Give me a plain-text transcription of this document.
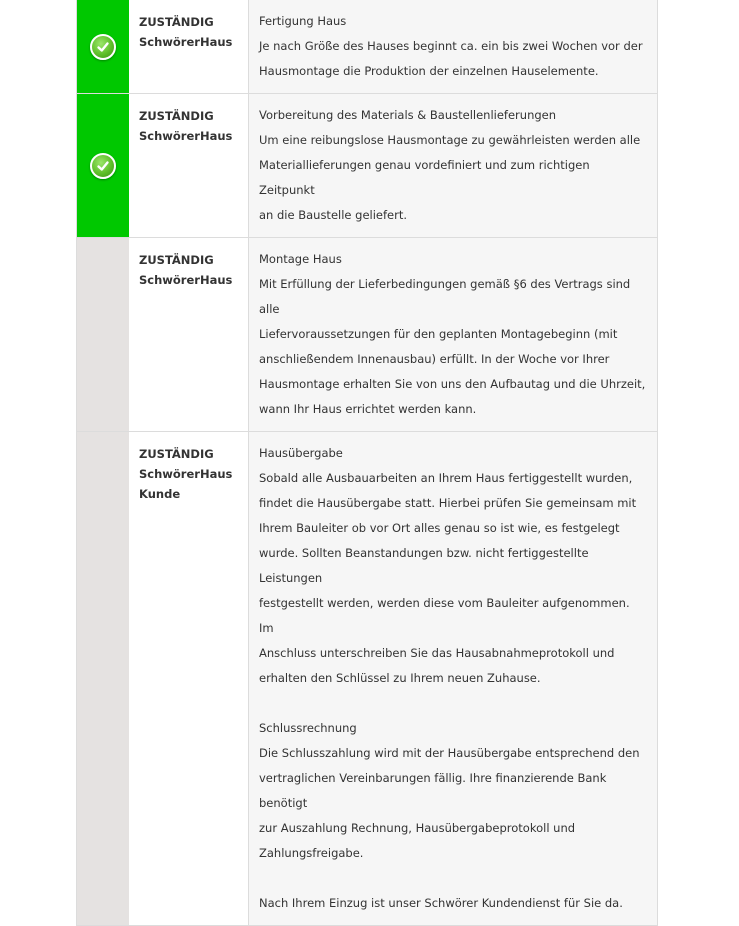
ZUSTÄNDIG
SchwörerHaus

Fertigung Haus

Je nach Größe des Hauses beginnt ca. ein bis zwei Wochen vor der

Hausmontage die Produktion der einzelnen Hauselemente.

ZUSTÄNDIG
SchwörerHaus

Vorbereitung des Materials & Baustellenlieferungen

Um eine reibungslose Hausmontage zu gewährleisten werden alle

Materiallieferungen genau vordefiniert und zum richtigen Zeitpunkt

an die Baustelle geliefert.

ZUSTÄNDIG
SchwörerHaus

Montage Haus

Mit Erfüllung der Lieferbedingungen gemäß §6 des Vertrags sind alle

Liefervoraussetzungen für den geplanten Montagebeginn (mit

anschließendem Innenausbau) erfüllt. In der Woche vor Ihrer

Hausmontage erhalten Sie von uns den Aufbautag und die Uhrzeit,

wann Ihr Haus errichtet werden kann.

ZUSTÄNDIG
SchwörerHaus
Kunde

Hausübergabe

Sobald alle Ausbauarbeiten an Ihrem Haus fertiggestellt wurden,

findet die Hausübergabe statt. Hierbei prüfen Sie gemeinsam mit

Ihrem Bauleiter ob vor Ort alles genau so ist wie, es festgelegt

wurde. Sollten Beanstandungen bzw. nicht fertiggestellte Leistungen

festgestellt werden, werden diese vom Bauleiter aufgenommen. Im

Anschluss unterschreiben Sie das Hausabnahmeprotokoll und

erhalten den Schlüssel zu Ihrem neuen Zuhause.

Schlussrechnung

Die Schlusszahlung wird mit der Hausübergabe entsprechend den

vertraglichen Vereinbarungen fällig. Ihre finanzierende Bank benötigt

zur Auszahlung Rechnung, Hausübergabeprotokoll und

Zahlungsfreigabe.

Nach Ihrem Einzug ist unser Schwörer Kundendienst für Sie da.
